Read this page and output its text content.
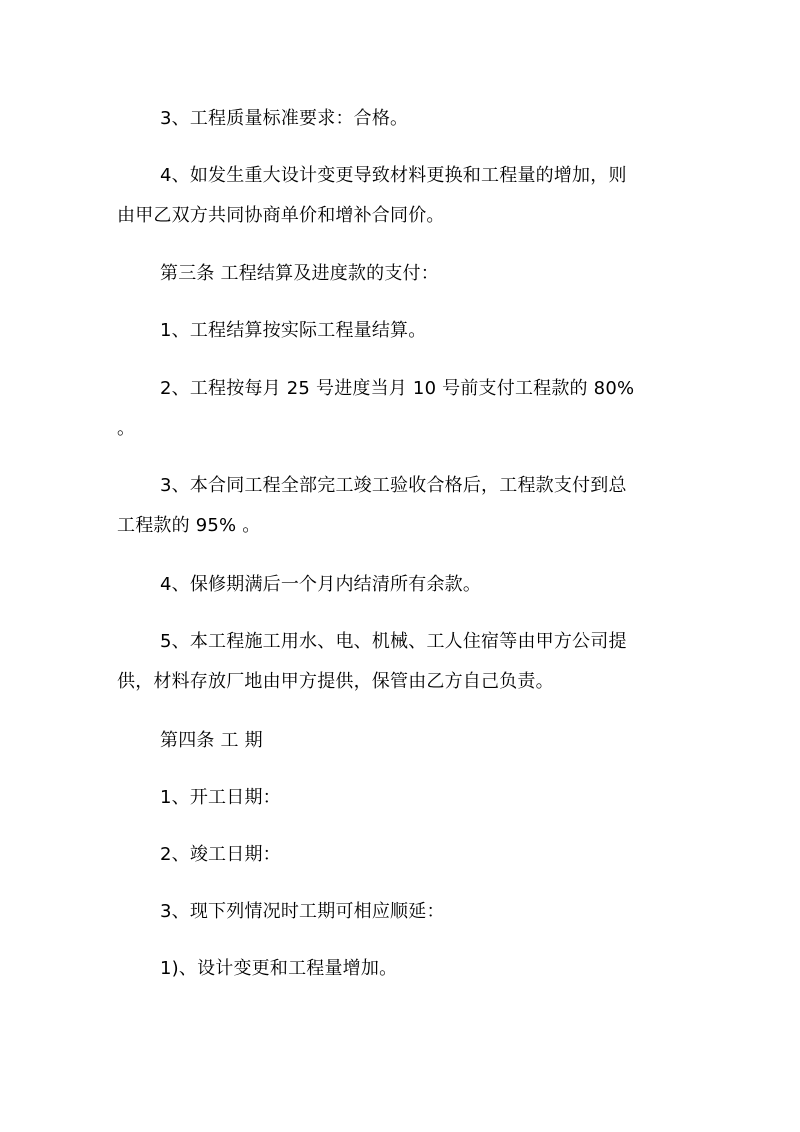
3、工程质量标准要求：合格。

4、如发生重大设计变更导致材料更换和工程量的增加，则
由甲乙双方共同协商单价和增补合同价。

第三条 工程结算及进度款的支付：

1、工程结算按实际工程量结算。

2、工程按每月 25 号进度当月 10 号前支付工程款的 80%
。

3、本合同工程全部完工竣工验收合格后，工程款支付到总
工程款的 95% 。

4、保修期满后一个月内结清所有余款。

5、本工程施工用水、电、机械、工人住宿等由甲方公司提
供，材料存放厂地由甲方提供，保管由乙方自己负责。

第四条 工 期

1、开工日期：

2、竣工日期：

3、现下列情况时工期可相应顺延：

1)、设计变更和工程量增加。
